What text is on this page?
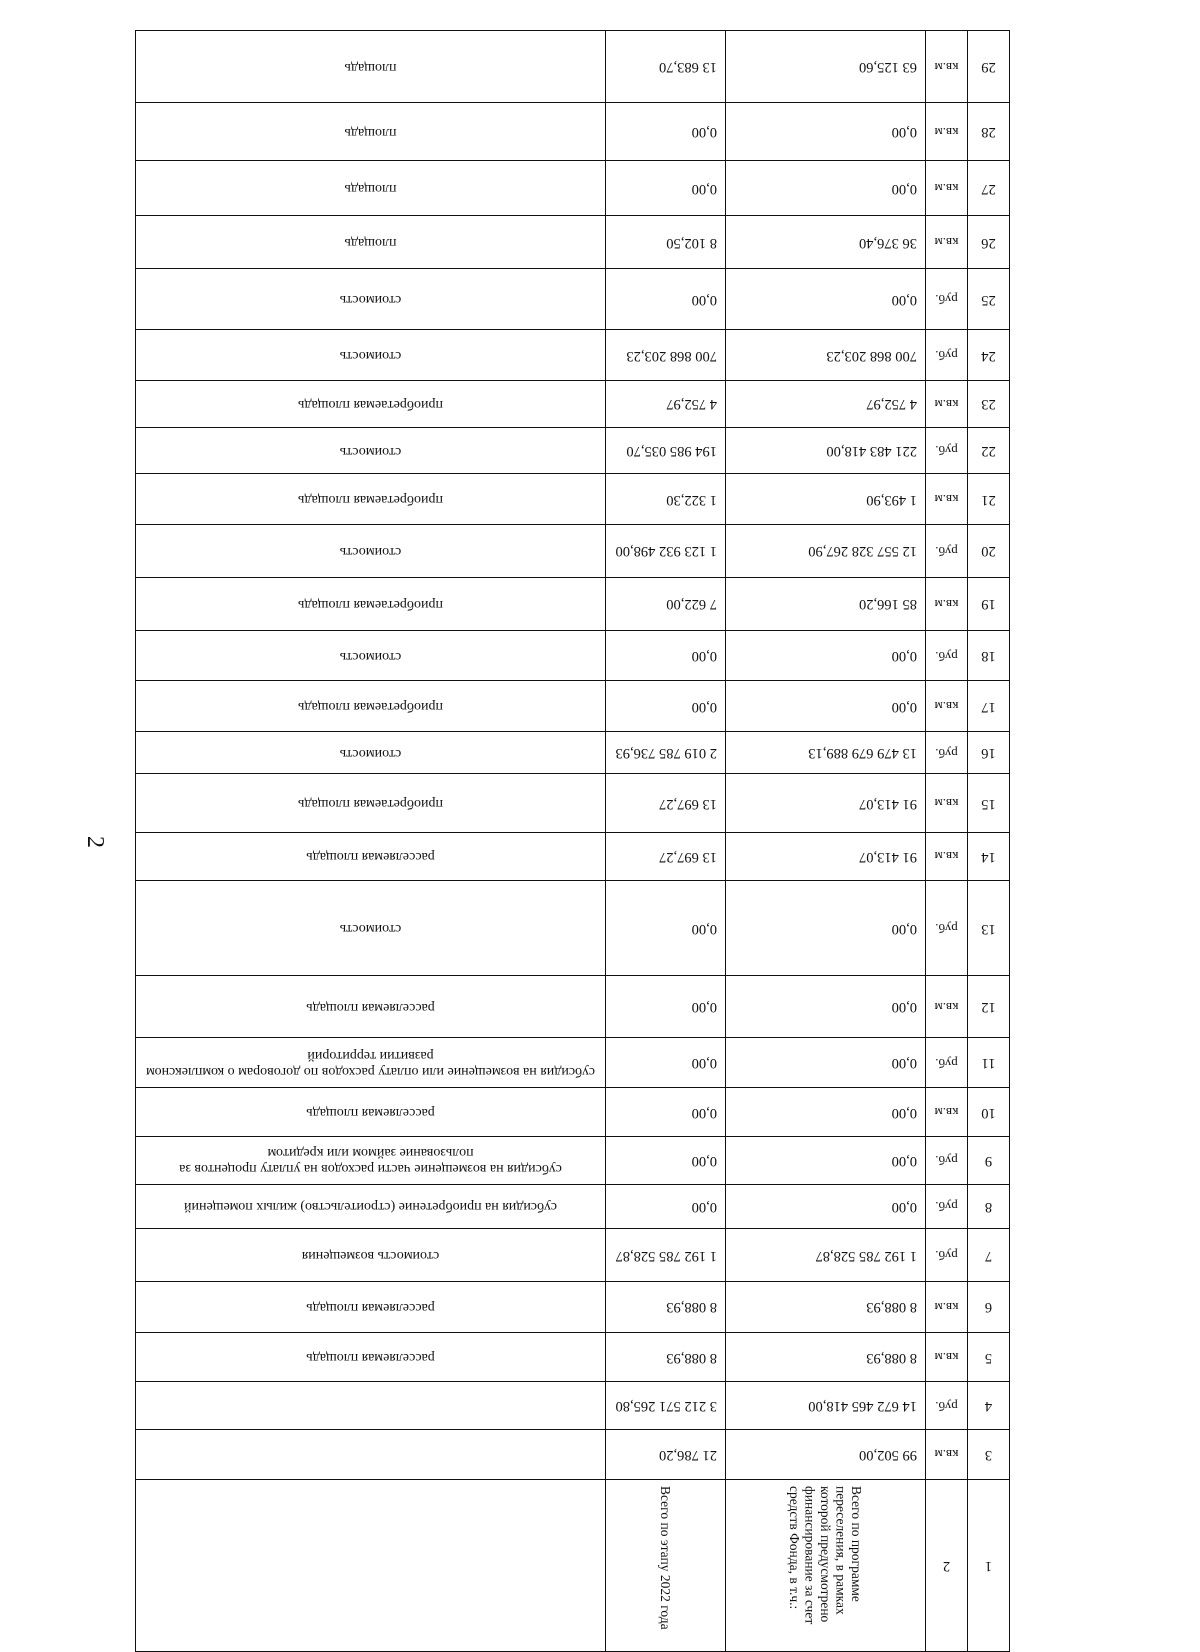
2
1	2	Всего по программе переселения, в рамках которой предусмотрено финансирование за счет средств Фонда, в т.ч.:	Всего по этапу 2022 года	

3	кв.м	99 502,00	21 786,20	
4	руб.	14 672 465 418,00	3 212 571 265,80	
5	кв.м	8 088,93	8 088,93	расселяемая площадь
6	кв.м	8 088,93	8 088,93	расселяемая площадь
7	руб.	1 192 785 528,87	1 192 785 528,87	стоимость возмещения
8	руб.	0,00	0,00	субсидия на приобретение (строительство) жилых помещений
9	руб.	0,00	0,00	субсидия на возмещение части расходов на уплату процентов за пользование займом или кредитом
10	кв.м	0,00	0,00	расселяемая площадь
11	руб.	0,00	0,00	субсидия на возмещение или оплату расходов по договорам о комплексном развитии территорий
12	кв.м	0,00	0,00	расселяемая площадь
13	руб.	0,00	0,00	стоимость
14	кв.м	91 413,07	13 697,27	расселяемая площадь
15	кв.м	91 413,07	13 697,27	приобретаемая площадь
16	руб.	13 479 679 889,13	2 019 785 736,93	стоимость
17	кв.м	0,00	0,00	приобретаемая площадь
18	руб.	0,00	0,00	стоимость
19	кв.м	85 166,20	7 622,00	приобретаемая площадь
20	руб.	12 557 328 267,90	1 123 932 498,00	стоимость
21	кв.м	1 493,90	1 322,30	приобретаемая площадь
22	руб.	221 483 418,00	194 985 035,70	стоимость
23	кв.м	4 752,97	4 752,97	приобретаемая площадь
24	руб.	700 868 203,23	700 868 203,23	стоимость
25	руб.	0,00	0,00	стоимость
26	кв.м	36 376,40	8 102,50	площадь
27	кв.м	0,00	0,00	площадь
28	кв.м	0,00	0,00	площадь
29	кв.м	63 125,60	13 683,70	площадь
